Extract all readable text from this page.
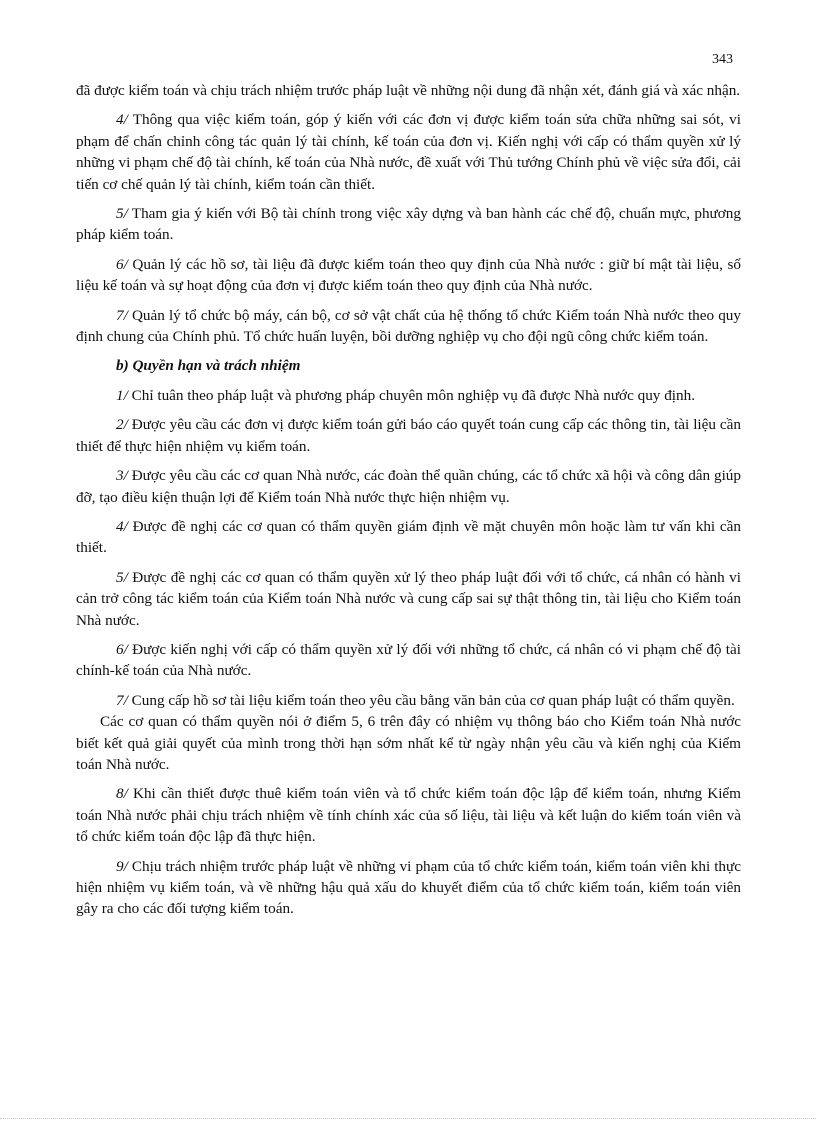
343

đã được kiểm toán và chịu trách nhiệm trước pháp luật về những nội dung đã nhận xét, đánh giá và xác nhận.

4/ Thông qua việc kiểm toán, góp ý kiến với các đơn vị được kiểm toán sửa chữa những sai sót, vi phạm để chấn chỉnh công tác quản lý tài chính, kế toán của đơn vị. Kiến nghị với cấp có thẩm quyền xử lý những vi phạm chế độ tài chính, kế toán của Nhà nước, đề xuất với Thủ tướng Chính phủ về việc sửa đổi, cải tiến cơ chế quản lý tài chính, kiểm toán cần thiết.

5/ Tham gia ý kiến với Bộ tài chính trong việc xây dựng và ban hành các chế độ, chuẩn mực, phương pháp kiểm toán.

6/ Quản lý các hồ sơ, tài liệu đã được kiểm toán theo quy định của Nhà nước : giữ bí mật tài liệu, số liệu kế toán và sự hoạt động của đơn vị được kiểm toán theo quy định của Nhà nước.

7/ Quản lý tổ chức bộ máy, cán bộ, cơ sở vật chất của hệ thống tổ chức Kiểm toán Nhà nước theo quy định chung của Chính phủ. Tổ chức huấn luyện, bồi dưỡng nghiệp vụ cho đội ngũ công chức kiểm toán.

b) Quyền hạn và trách nhiệm

1/ Chỉ tuân theo pháp luật và phương pháp chuyên môn nghiệp vụ đã được Nhà nước quy định.

2/ Được yêu cầu các đơn vị được kiểm toán gửi báo cáo quyết toán cung cấp các thông tin, tài liệu cần thiết để thực hiện nhiệm vụ kiểm toán.

3/ Được yêu cầu các cơ quan Nhà nước, các đoàn thể quần chúng, các tổ chức xã hội và công dân giúp đỡ, tạo điều kiện thuận lợi để Kiểm toán Nhà nước thực hiện nhiệm vụ.

4/ Được đề nghị các cơ quan có thẩm quyền giám định về mặt chuyên môn hoặc làm tư vấn khi cần thiết.

5/ Được đề nghị các cơ quan có thẩm quyền xử lý theo pháp luật đối với tổ chức, cá nhân có hành vi cản trở công tác kiểm toán của Kiểm toán Nhà nước và cung cấp sai sự thật thông tin, tài liệu cho Kiểm toán Nhà nước.

6/ Được kiến nghị với cấp có thẩm quyền xử lý đối với những tổ chức, cá nhân có vi phạm chế độ tài chính-kế toán của Nhà nước.

7/ Cung cấp hồ sơ tài liệu kiểm toán theo yêu cầu bằng văn bản của cơ quan pháp luật có thẩm quyền.

Các cơ quan có thẩm quyền nói ở điểm 5, 6 trên đây có nhiệm vụ thông báo cho Kiểm toán Nhà nước biết kết quả giải quyết của mình trong thời hạn sớm nhất kể từ ngày nhận yêu cầu và kiến nghị của Kiểm toán Nhà nước.

8/ Khi cần thiết được thuê kiểm toán viên và tổ chức kiểm toán độc lập để kiểm toán, nhưng Kiểm toán Nhà nước phải chịu trách nhiệm về tính chính xác của số liệu, tài liệu và kết luận do kiểm toán viên và tổ chức kiểm toán độc lập đã thực hiện.

9/ Chịu trách nhiệm trước pháp luật về những vi phạm của tổ chức kiểm toán, kiểm toán viên khi thực hiện nhiệm vụ kiểm toán, và về những hậu quả xấu do khuyết điểm của tổ chức kiểm toán, kiểm toán viên gây ra cho các đối tượng kiểm toán.
